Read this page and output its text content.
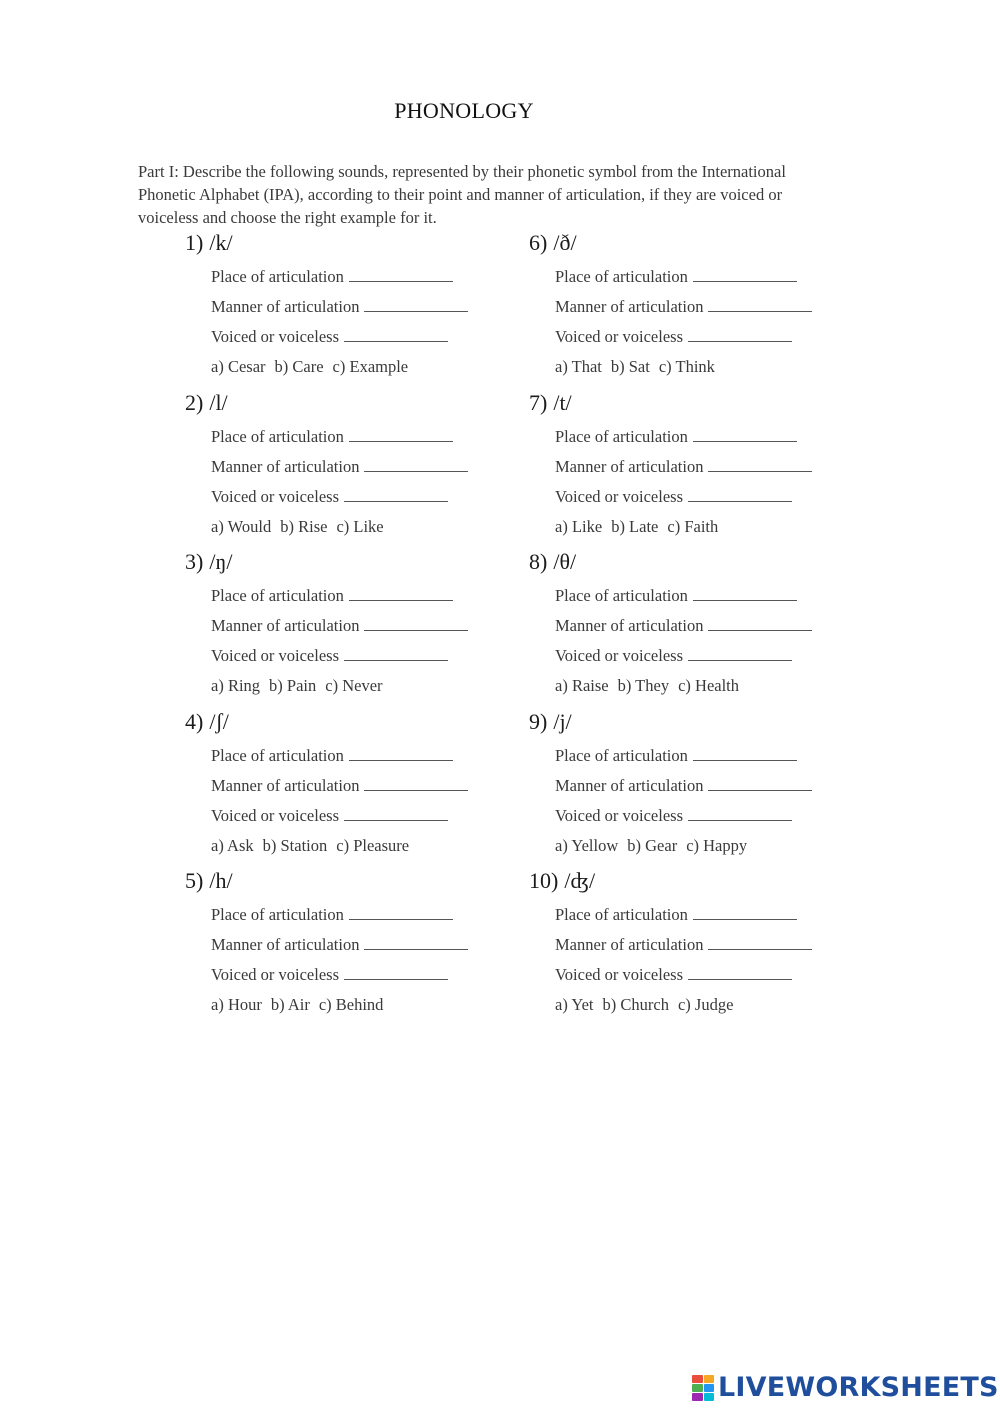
PHONOLOGY
Part I: Describe the following sounds, represented by their phonetic symbol from the International Phonetic Alphabet (IPA), according to their point and manner of articulation, if they are voiced or voiceless and choose the right example for it.
1) /k/
Place of articulation
Manner of articulation
Voiced or voiceless
a) Cesar b) Care c) Example
2) /l/
Place of articulation
Manner of articulation
Voiced or voiceless
a) Would b) Rise c) Like
3) /ŋ/
Place of articulation
Manner of articulation
Voiced or voiceless
a) Ring b) Pain c) Never
4) /ʃ/
Place of articulation
Manner of articulation
Voiced or voiceless
a) Ask b) Station c) Pleasure
5) /h/
Place of articulation
Manner of articulation
Voiced or voiceless
a) Hour b) Air c) Behind
6) /ð/
Place of articulation
Manner of articulation
Voiced or voiceless
a) That b) Sat c) Think
7) /t/
Place of articulation
Manner of articulation
Voiced or voiceless
a) Like b) Late c) Faith
8) /θ/
Place of articulation
Manner of articulation
Voiced or voiceless
a) Raise b) They c) Health
9) /j/
Place of articulation
Manner of articulation
Voiced or voiceless
a) Yellow b) Gear c) Happy
10) /ʤ/
Place of articulation
Manner of articulation
Voiced or voiceless
a) Yet b) Church c) Judge
LIVEWORKSHEETS
